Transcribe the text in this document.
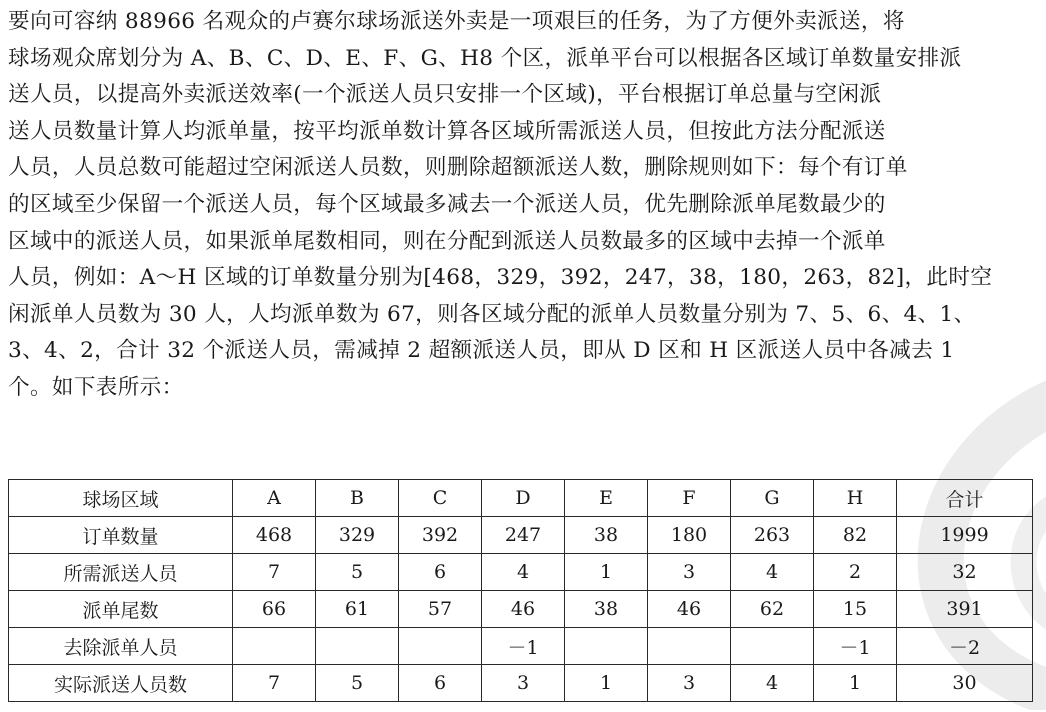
要向可容纳 88966 名观众的卢赛尔球场派送外卖是一项艰巨的任务，为了方便外卖派送，将
球场观众席划分为 A、B、C、D、E、F、G、H8 个区，派单平台可以根据各区域订单数量安排派
送人员，以提高外卖派送效率(一个派送人员只安排一个区域)，平台根据订单总量与空闲派
送人员数量计算人均派单量，按平均派单数计算各区域所需派送人员，但按此方法分配派送
人员，人员总数可能超过空闲派送人员数，则删除超额派送人数，删除规则如下：每个有订单
的区域至少保留一个派送人员，每个区域最多减去一个派送人员，优先删除派单尾数最少的
区域中的派送人员，如果派单尾数相同，则在分配到派送人员数最多的区域中去掉一个派单
人员，例如：A～H 区域的订单数量分别为[468，329，392，247，38，180，263，82]，此时空
闲派单人员数为 30 人，人均派单数为 67，则各区域分配的派单人员数量分别为 7、5、6、4、1、
3、4、2，合计 32 个派送人员，需减掉 2 超额派送人员，即从 D 区和 H 区派送人员中各减去 1
个。如下表所示：
球场区域	A	B	C	D	E	F	G	H	合计
订单数量	468	329	392	247	38	180	263	82	1999
所需派送人员	7	5	6	4	1	3	4	2	32
派单尾数	66	61	57	46	38	46	62	15	391
去除派单人员				－1				－1	－2
实际派送人员数	7	5	6	3	1	3	4	1	30
